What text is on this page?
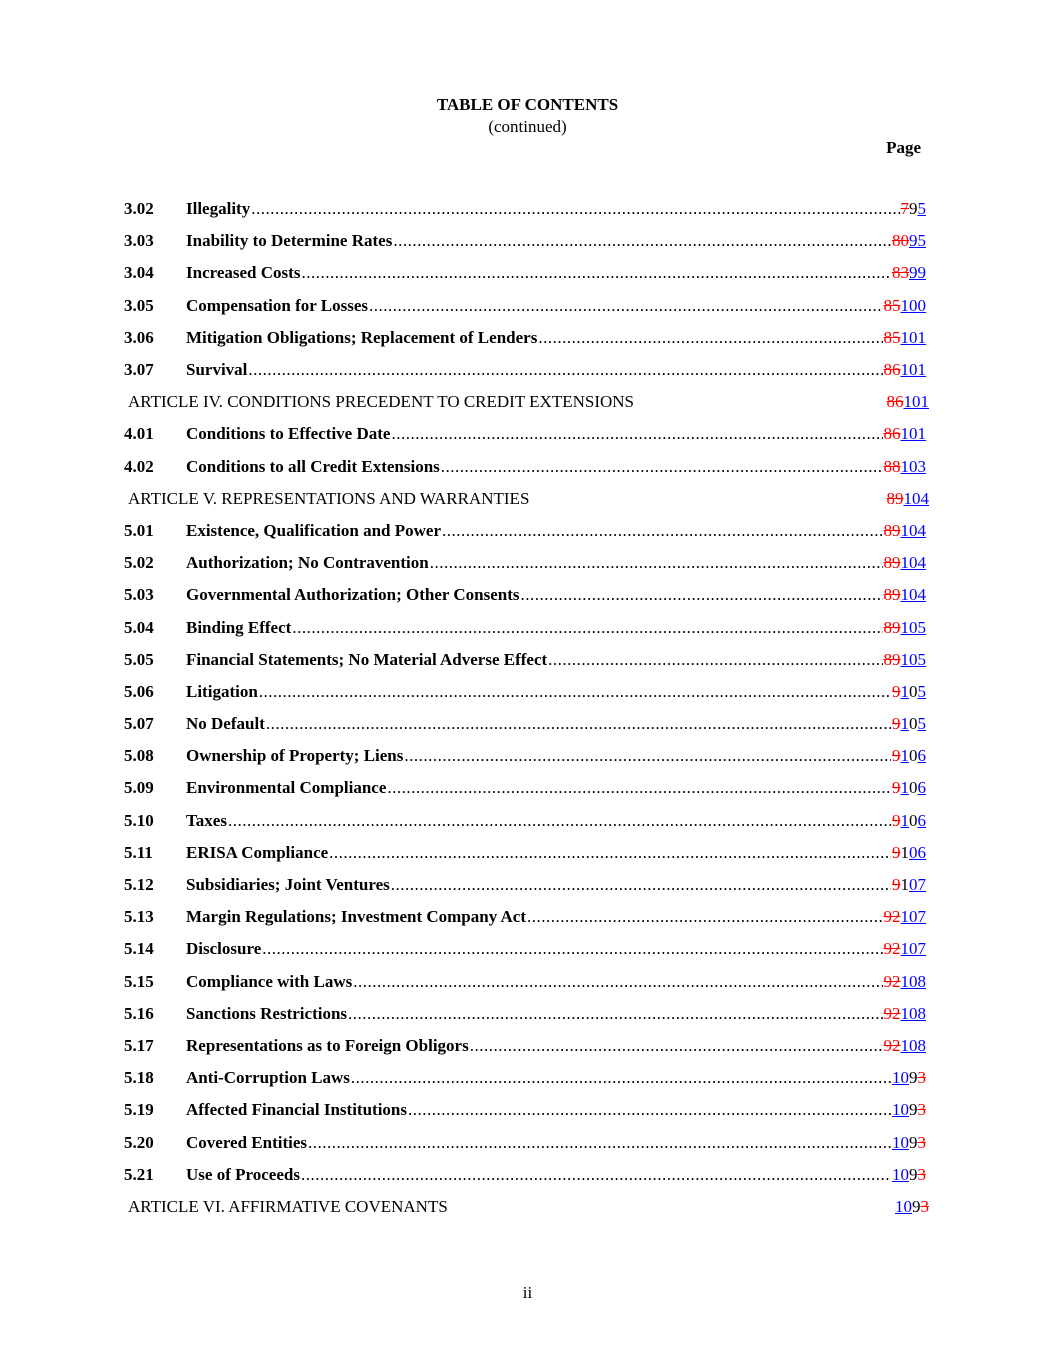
TABLE OF CONTENTS
(continued)
Page
3.02	Illegality .....	795
3.03	Inability to Determine Rates .....	8095
3.04	Increased Costs .....	8399
3.05	Compensation for Losses .....	85100
3.06	Mitigation Obligations; Replacement of Lenders .....	85101
3.07	Survival .....	86101
ARTICLE IV. CONDITIONS PRECEDENT TO CREDIT EXTENSIONS	86101
4.01	Conditions to Effective Date .....	86101
4.02	Conditions to all Credit Extensions .....	88103
ARTICLE V. REPRESENTATIONS AND WARRANTIES	89104
5.01	Existence, Qualification and Power .....	89104
5.02	Authorization; No Contravention .....	89104
5.03	Governmental Authorization; Other Consents .....	89104
5.04	Binding Effect .....	89105
5.05	Financial Statements; No Material Adverse Effect .....	89105
5.06	Litigation .....	9105
5.07	No Default .....	9105
5.08	Ownership of Property; Liens .....	9106
5.09	Environmental Compliance .....	9106
5.10	Taxes .....	9106
5.11	ERISA Compliance .....	9106
5.12	Subsidiaries; Joint Ventures .....	9107
5.13	Margin Regulations; Investment Company Act .....	92107
5.14	Disclosure .....	92107
5.15	Compliance with Laws .....	92108
5.16	Sanctions Restrictions .....	92108
5.17	Representations as to Foreign Obligors .....	92108
5.18	Anti-Corruption Laws .....	1093
5.19	Affected Financial Institutions .....	1093
5.20	Covered Entities .....	1093
5.21	Use of Proceeds .....	1093
ARTICLE VI. AFFIRMATIVE COVENANTS	1093
ii
